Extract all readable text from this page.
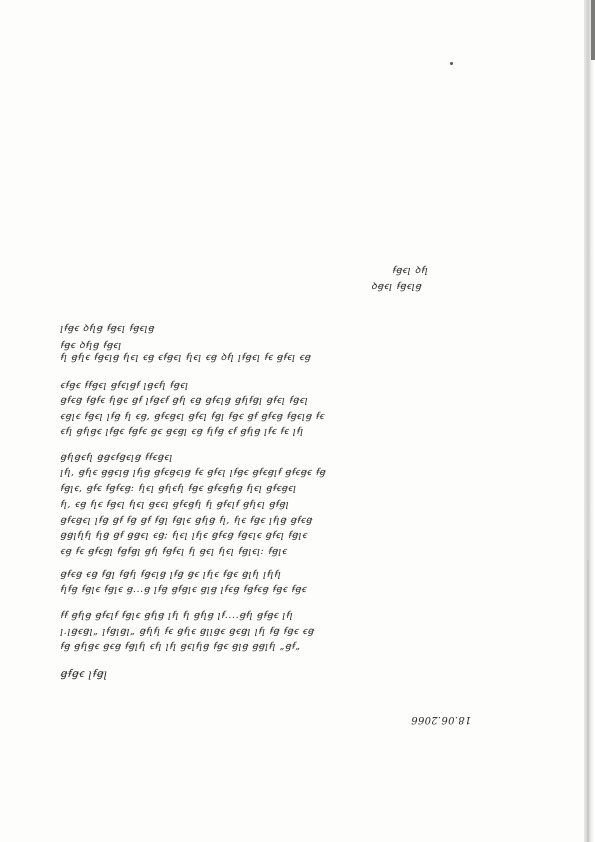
ꞙꞡꞓꞁ ꝺꞙꞁ
ꝺꞡꞓꞁ ꞙꞡꞓꞁꞡ
ꞁꞙꞡꞓ ꝺꞙꞁꞡ ꞙꞡꞓꞁ ꞙꞡꞓꞁꞡ
ꞙꞡꞓ ꝺꞙꞁꞡ ꞙꞡꞓꞁ
ꞙꞁ ꞡꞙꞁꞓ ꞙꞡꞓꞁꞡ ꞙꞁꞓꞁ ꞓꞡ ꞓꞙꞡꞓꞁ ꞙꞁꞓꞁ ꞓꞡ ꝺꞙꞁ ꞁꞙꞡꞓꞁ ꞙꞓ ꞡꞙꞓꞁ ꞓꞡ
ꞓꞙꞡꞓ ꞙꞙꞡꞓꞁ ꞡꞙꞓꞁꞡꞙ ꞁꞡꞓꞙꞁ ꞙꞡꞓꞁ
ꞡꞙꞓꞡ ꞙꞡꞙꞓ ꞙꞁꞡꞓ ꞡꞙ ꞁꞙꞡꞓꞙ ꞡꞙꞁ ꞓꞡ ꞡꞙꞓꞁꞡ ꞡꞙꞁꞙꞡꞁ ꞡꞙꞓꞁ ꞙꞡꞓꞁ
ꞓꞡꞁꞓ ꞙꞡꞓꞁ ꞁꞙꞡ ꞙꞁ ꞓꞡ, ꞡꞙꞓꞡꞓꞁ ꞡꞙꞓꞁ ꞙꞡꞁ ꞙꞡꞓ ꞡꞙ ꞡꞙꞓꞡ ꞙꞡꞓꞁꞡ ꞙꞓ
ꞓꞙꞁ ꞡꞙꞁꞡꞓ ꞁꞙꞡꞓ ꞙꞡꞙꞓ ꞡꞓ ꞡꞓꞡꞁ ꞓꞡ ꞙꞁꞙꞡ ꞓꞙ ꞡꞙꞁꞡ ꞁꞙꞓ ꞙꞓ ꞁꞙꞁ
ꞡꞙꞁꞡꞓꞙꞁ ꞡꞡꞓꞙꞡꞓꞁꞡ ꞙꞙꞓꞡꞓꞁ
ꞁꞙꞁ, ꞡꞙꞁꞓ ꞡꞡꞓꞁꞡ ꞁꞙꞁꞡ ꞡꞙꞓꞡꞓꞁꞡ ꞙꞓ ꞡꞙꞓꞁ ꞁꞙꞡꞓ ꞡꞙꞓꞡꞁꞙ ꞡꞙꞓꞡꞓ ꞙꞡ
ꞙꞡꞁꞓ, ꞡꞙꞓ ꞙꞡꞙꞓꞡ: ꞙꞁꞓꞁ ꞡꞙꞁꞓꞙꞁ ꞙꞡꞓ ꞡꞙꞓꞡꞙꞁꞡ ꞙꞁꞓꞁ ꞡꞙꞓꞡꞓꞁ
ꞙꞁ, ꞓꞡ ꞙꞁꞓ ꞙꞡꞓꞁ ꞙꞁꞓꞁ ꞡꞓꞓꞁ ꞡꞙꞓꞡꞙꞁ ꞙꞁ ꞡꞙꞓꞁꞙ ꞡꞙꞁꞓꞁ ꞡꞙꞡꞁ
ꞡꞙꞓꞡꞓꞁ ꞁꞙꞡ ꞡꞙ ꞙꞡ ꞡꞙ ꞙꞡꞁ ꞙꞡꞁꞓ ꞡꞙꞁꞡ ꞙꞁ, ꞙꞁꞓ ꞙꞡꞓ ꞁꞙꞁꞡ ꞡꞙꞓꞡ
ꞡꞡꞁꞙꞁꞙꞁ ꞙꞁꞡ ꞡꞙ ꞡꞡꞓꞁ ꞓꞡ; ꞙꞁꞓꞁ ꞁꞙꞁꞓ ꞡꞙꞓꞡ ꞙꞡꞓꞁꞓ ꞡꞙꞓꞁ ꞙꞡꞁꞓ
ꞓꞡ ꞙꞓ ꞡꞙꞓꞡꞁ ꞙꞡꞙꞡꞁ ꞡꞙꞁ ꞙꞡꞙꞓꞁ ꞙꞁ ꞡꞓꞁ ꞙꞁꞓꞁ ꞙꞡꞁꞓꞁ: ꞙꞡꞁꞓ
ꞡꞙꞓꞡ ꞓꞡ ꞙꞡꞁ ꞙꞡꞙꞁ ꞙꞡꞓꞁꞡ ꞁꞙꞡ ꞡꞓ ꞁꞙꞁꞓ ꞙꞡꞓ ꞡꞁꞙꞁ ꞁꞙꞁꞙꞁ
ꞙꞁꞙꞡ ꞙꞡꞁꞓ ꞙꞡꞁꞓ ꞡ...ꞡ ꞁꞙꞡ ꞡꞙꞡꞁꞓ ꞡꞁꞡ ꞁꞙꞓꞡ ꞙꞡꞙꞓꞡ ꞙꞡꞓ ꞙꞡꞓ
ꞙꞙ ꞡꞙꞁꞡ ꞡꞙꞓꞁꞙ ꞙꞡꞁꞓ ꞡꞙꞁꞡ ꞁꞙꞁ ꞙꞁ ꞡꞙꞁꞡ ꞁꞙ....ꞡꞙꞁ ꞡꞙꞡꞓ ꞁꞙꞁ
ꞁ.ꞁꞡꞓꞡꞁ„ ꞁꞙꞡꞁꞡꞁ„ ꞡꞙꞁꞙꞁ ꞙꞓ ꞡꞙꞁꞓ ꞡꞁꞁꞡꞓ ꞡꞓꞡꞁ ꞁꞙꞁ ꞙꞡ ꞙꞡꞓ ꞓꞡ
ꞙꞡ ꞡꞙꞁꞡꞓ ꞡꞓꞡ ꞙꞡꞁꞙꞁ ꞓꞙꞁ ꞁꞙꞁ ꞡꞓꞁꞙꞁꞡ ꞙꞡꞓ ꞡꞁꞡ ꞡꞡꞁꞙꞁ „ꞡꞙ„
ꞡꞙꞡꞓ ꞁꞙꞡꞁ
18.06.2066
